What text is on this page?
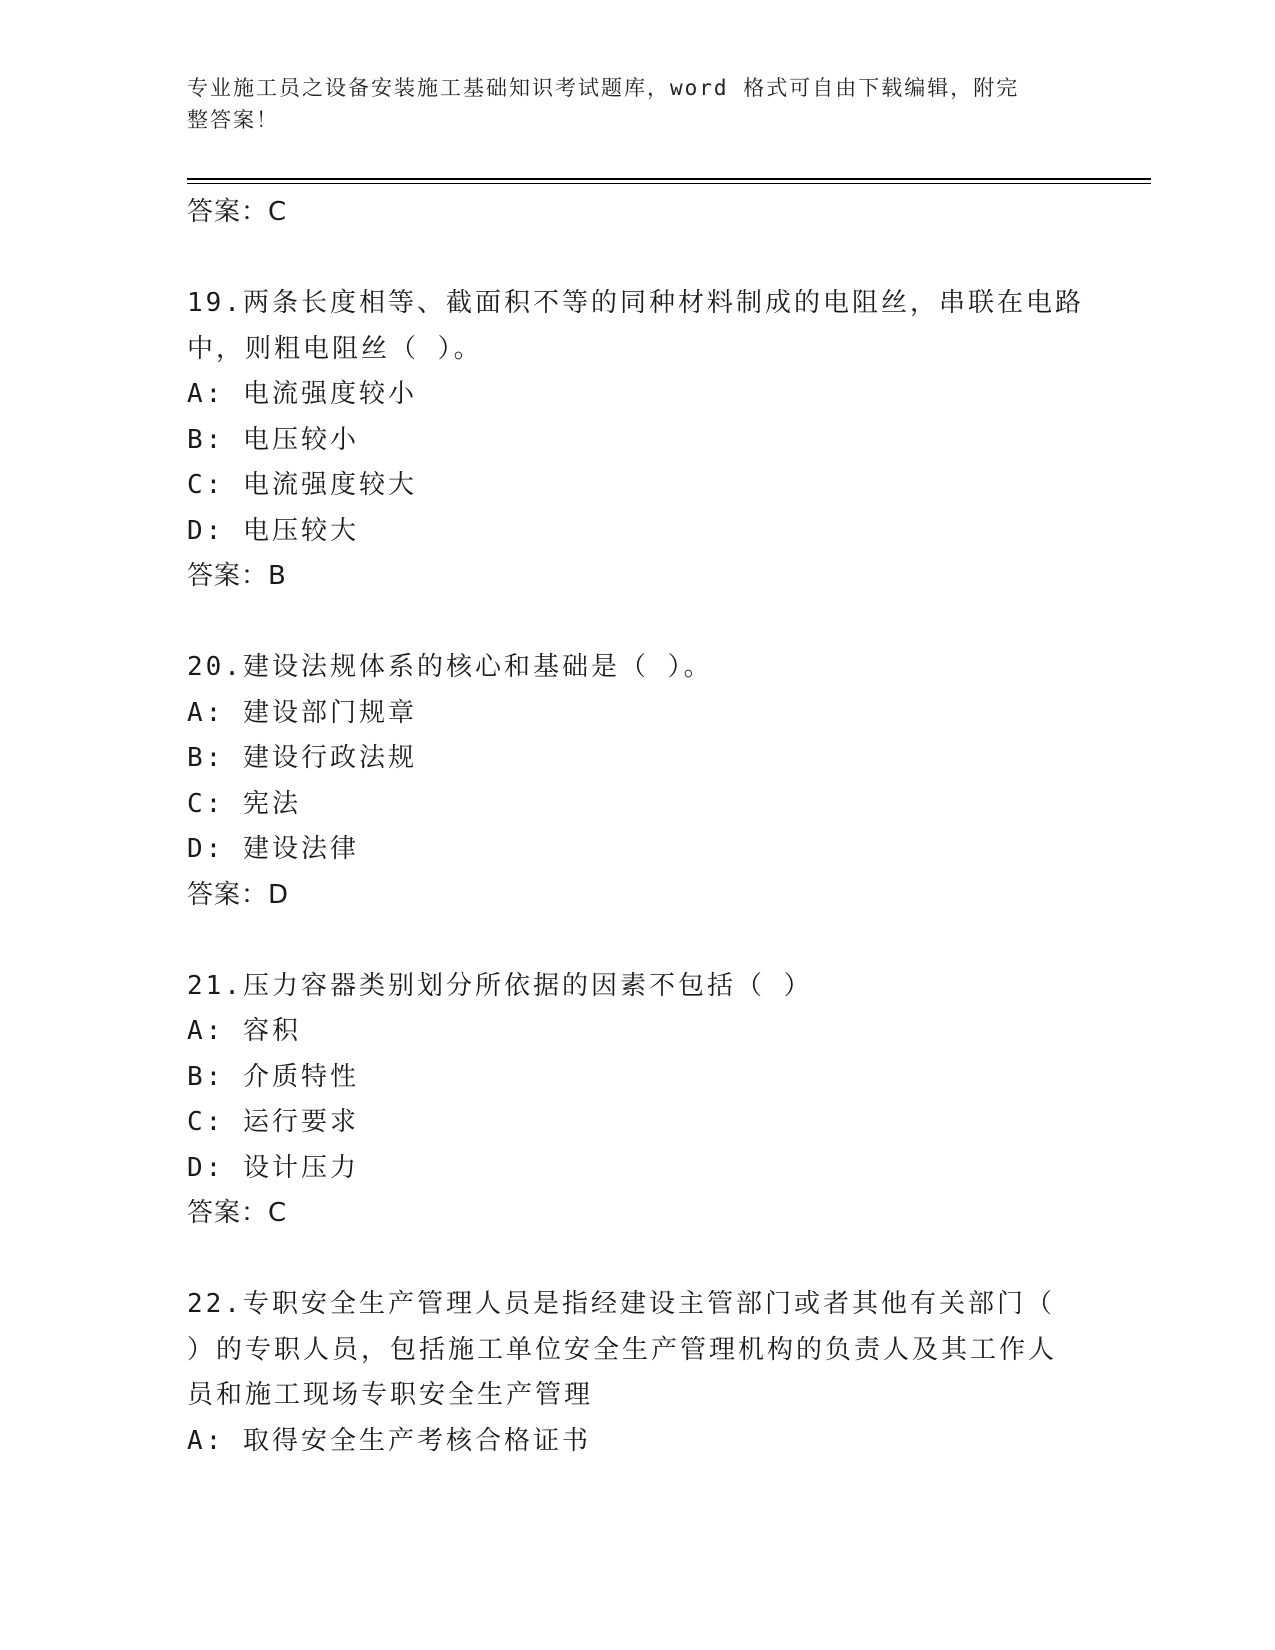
专业施工员之设备安装施工基础知识考试题库，word 格式可自由下载编辑，附完
整答案！
答案：C
19.两条长度相等、截面积不等的同种材料制成的电阻丝，串联在电路
中，则粗电阻丝（ ）。
A: 电流强度较小
B: 电压较小
C: 电流强度较大
D: 电压较大
答案：B
20.建设法规体系的核心和基础是（ ）。
A: 建设部门规章
B: 建设行政法规
C: 宪法
D: 建设法律
答案：D
21.压力容器类别划分所依据的因素不包括（ ）
A: 容积
B: 介质特性
C: 运行要求
D: 设计压力
答案：C
22.专职安全生产管理人员是指经建设主管部门或者其他有关部门（
）的专职人员，包括施工单位安全生产管理机构的负责人及其工作人
员和施工现场专职安全生产管理
A: 取得安全生产考核合格证书
